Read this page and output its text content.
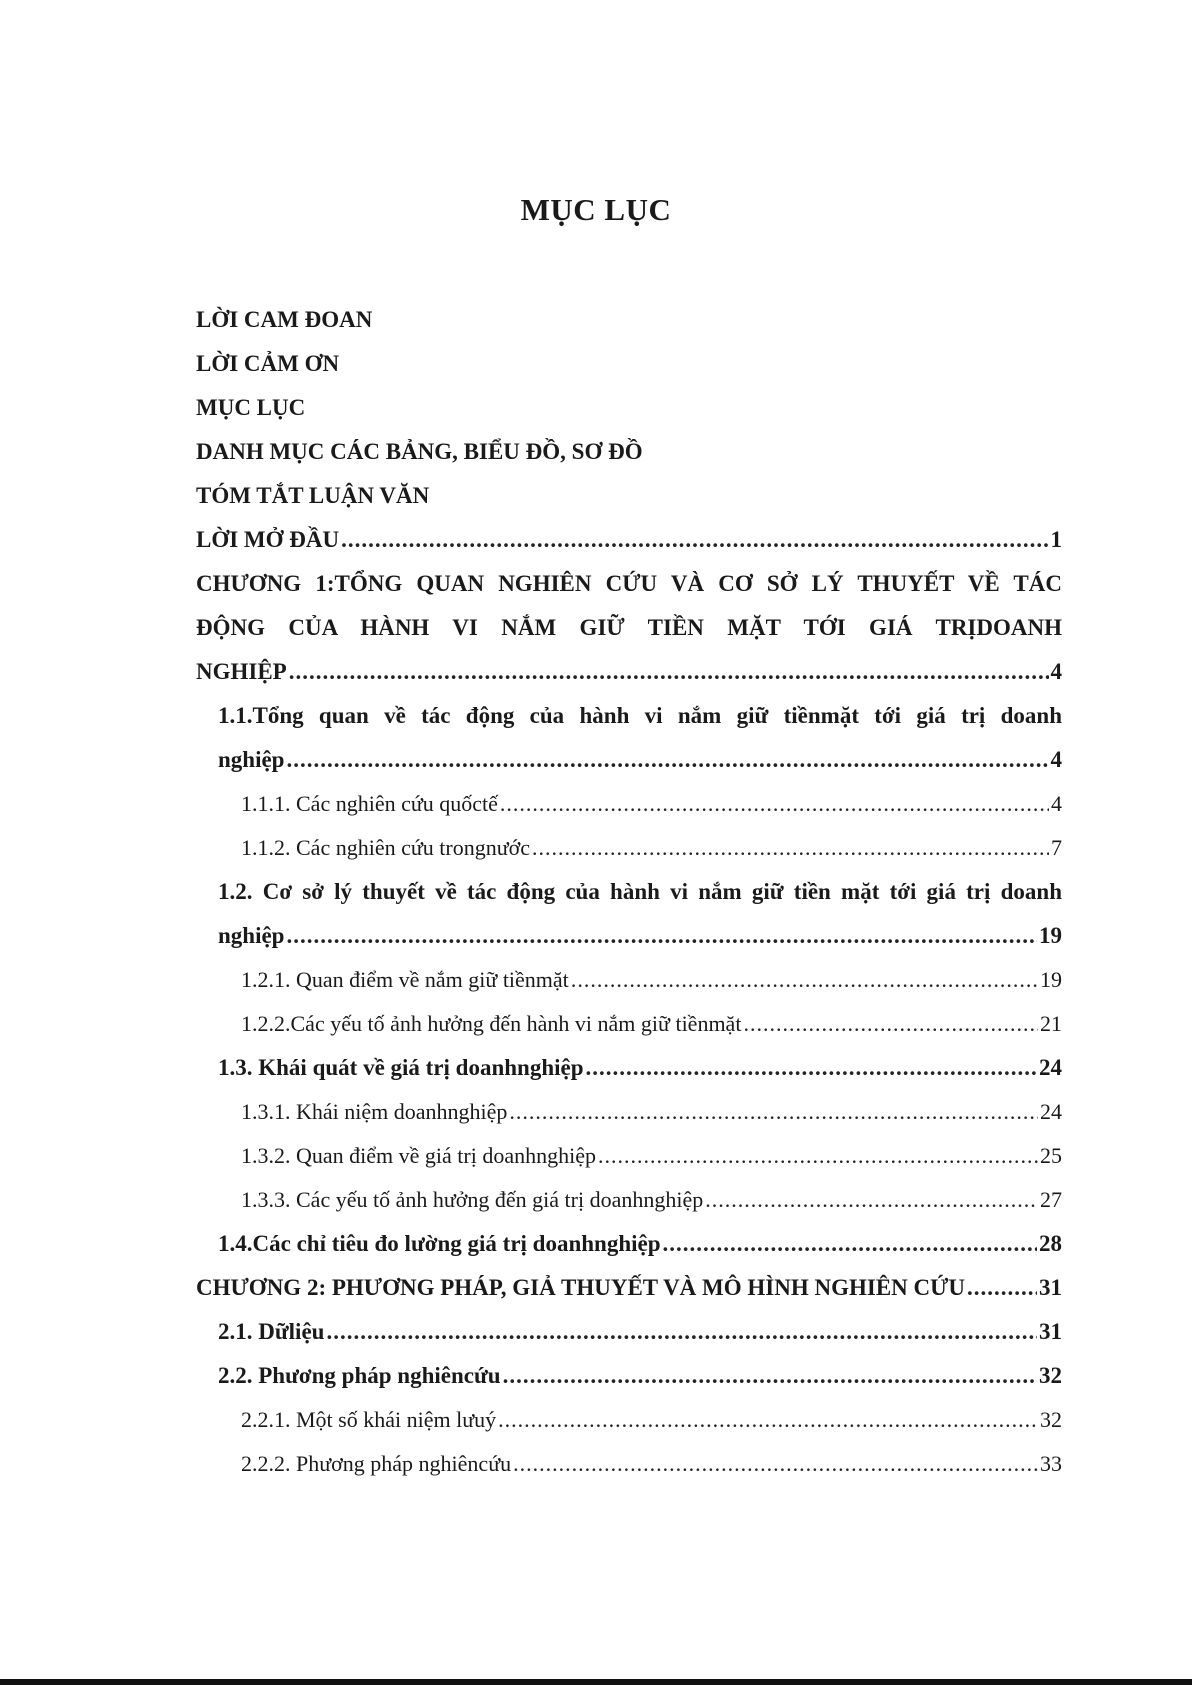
MỤC LỤC
LỜI CAM ĐOAN
LỜI CẢM ƠN
MỤC LỤC
DANH MỤC CÁC BẢNG, BIỂU ĐỒ, SƠ ĐỒ
TÓM TẮT LUẬN VĂN
LỜI MỞ ĐẦU .....	1
CHƯƠNG 1:TỔNG QUAN NGHIÊN CỨU VÀ CƠ SỞ LÝ THUYẾT VỀ TÁC
ĐỘNG CỦA HÀNH VI NẮM GIỮ TIỀN MẶT TỚI GIÁ TRỊDOANH
NGHIỆP .....	4
1.1.Tổng quan về tác động của hành vi nắm giữ tiềnmặt tới giá trị doanh
nghiệp .....	4
1.1.1. Các nghiên cứu quốctế .....	4
1.1.2. Các nghiên cứu trongnước .....	7
1.2. Cơ sở lý thuyết về tác động của hành vi nắm giữ tiền mặt tới giá trị doanh
nghiệp .....	19
1.2.1. Quan điểm về nắm giữ tiềnmặt .....	19
1.2.2.Các yếu tố ảnh hưởng đến hành vi nắm giữ tiềnmặt .....	21
1.3. Khái quát về giá trị doanhnghiệp .....	24
1.3.1. Khái niệm doanhnghiệp .....	24
1.3.2. Quan điểm về giá trị doanhnghiệp .....	25
1.3.3. Các yếu tố ảnh hưởng đến giá trị doanhnghiệp .....	27
1.4.Các chỉ tiêu đo lường giá trị doanhnghiệp .....	28
CHƯƠNG 2: PHƯƠNG PHÁP, GIẢ THUYẾT VÀ MÔ HÌNH NGHIÊN CỨU .....	31
2.1. Dữliệu .....	31
2.2. Phương pháp nghiêncứu .....	32
2.2.1. Một số khái niệm lưuý .....	32
2.2.2. Phương pháp nghiêncứu .....	33
